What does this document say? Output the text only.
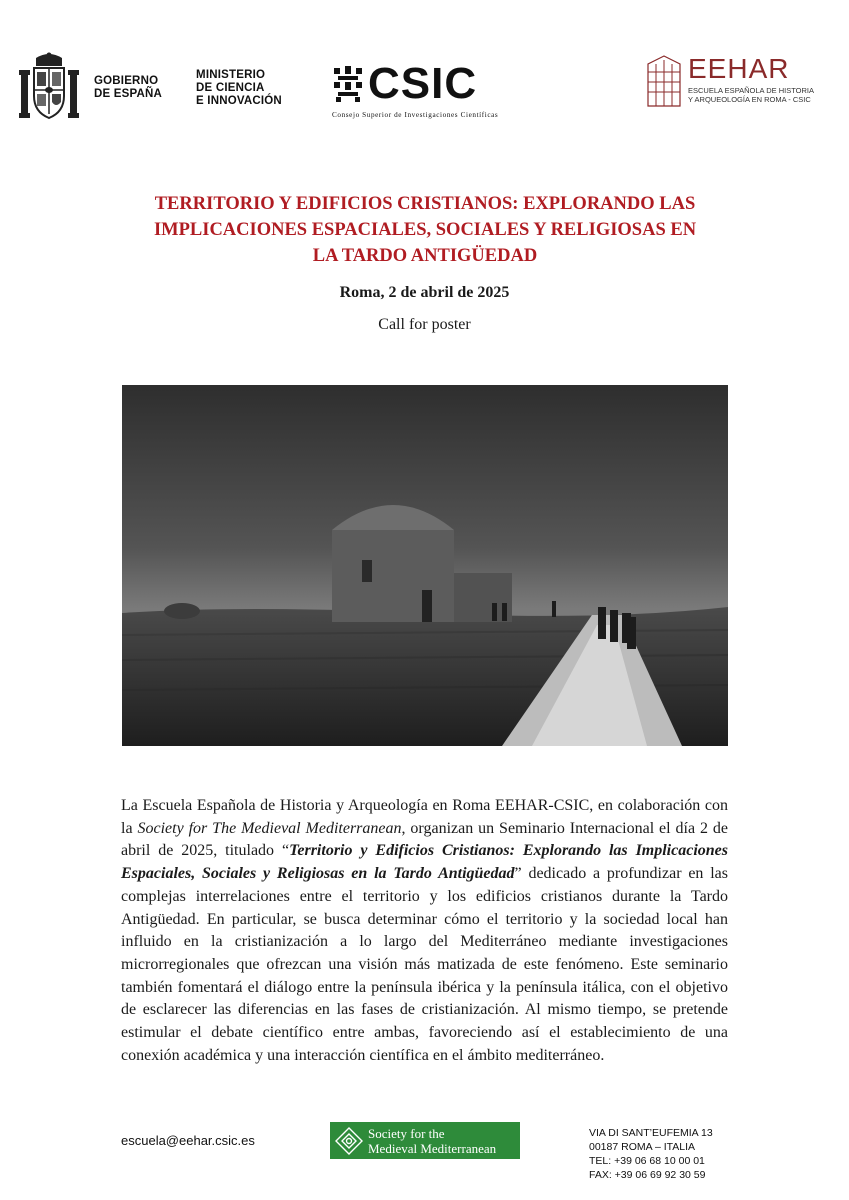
GOBIERNO
DE ESPAÑA
MINISTERIO
DE CIENCIA
E INNOVACIÓN CSIC
Consejo Superior de Investigaciones Científicas
EEHAR
ESCUELA ESPAÑOLA DE HISTORIA
Y ARQUEOLOGÍA EN ROMA - CSIC
TERRITORIO Y EDIFICIOS CRISTIANOS: EXPLORANDO LAS
IMPLICACIONES ESPACIALES, SOCIALES Y RELIGIOSAS EN
LA TARDO ANTIGÜEDAD
Roma, 2 de abril de 2025
Call for poster
La Escuela Española de Historia y Arqueología en Roma EEHAR-CSIC, en colaboración con la Society for The Medieval Mediterranean, organizan un Seminario Internacional el día 2 de abril de 2025, titulado “Territorio y Edificios Cristianos: Explorando las Implicaciones Espaciales, Sociales y Religiosas en la Tardo Antigüedad” dedicado a profundizar en las complejas interrelaciones entre el territorio y los edificios cristianos durante la Tardo Antigüedad. En particular, se busca determinar cómo el territorio y la sociedad local han influido en la cristianización a lo largo del Mediterráneo mediante investigaciones microrregionales que ofrezcan una visión más matizada de este fenómeno. Este seminario también fomentará el diálogo entre la península ibérica y la península itálica, con el objetivo de esclarecer las diferencias en las fases de cristianización. Al mismo tiempo, se pretende estimular el debate científico entre ambas, favoreciendo así el establecimiento de una conexión académica y una interacción científica en el ámbito mediterráneo.
escuela@eehar.csic.es	Society for the
Medieval Mediterranean
VIA DI SANT’EUFEMIA 13
00187 ROMA – ITALIA
TEL: +39 06 68 10 00 01
FAX: +39 06 69 92 30 59
